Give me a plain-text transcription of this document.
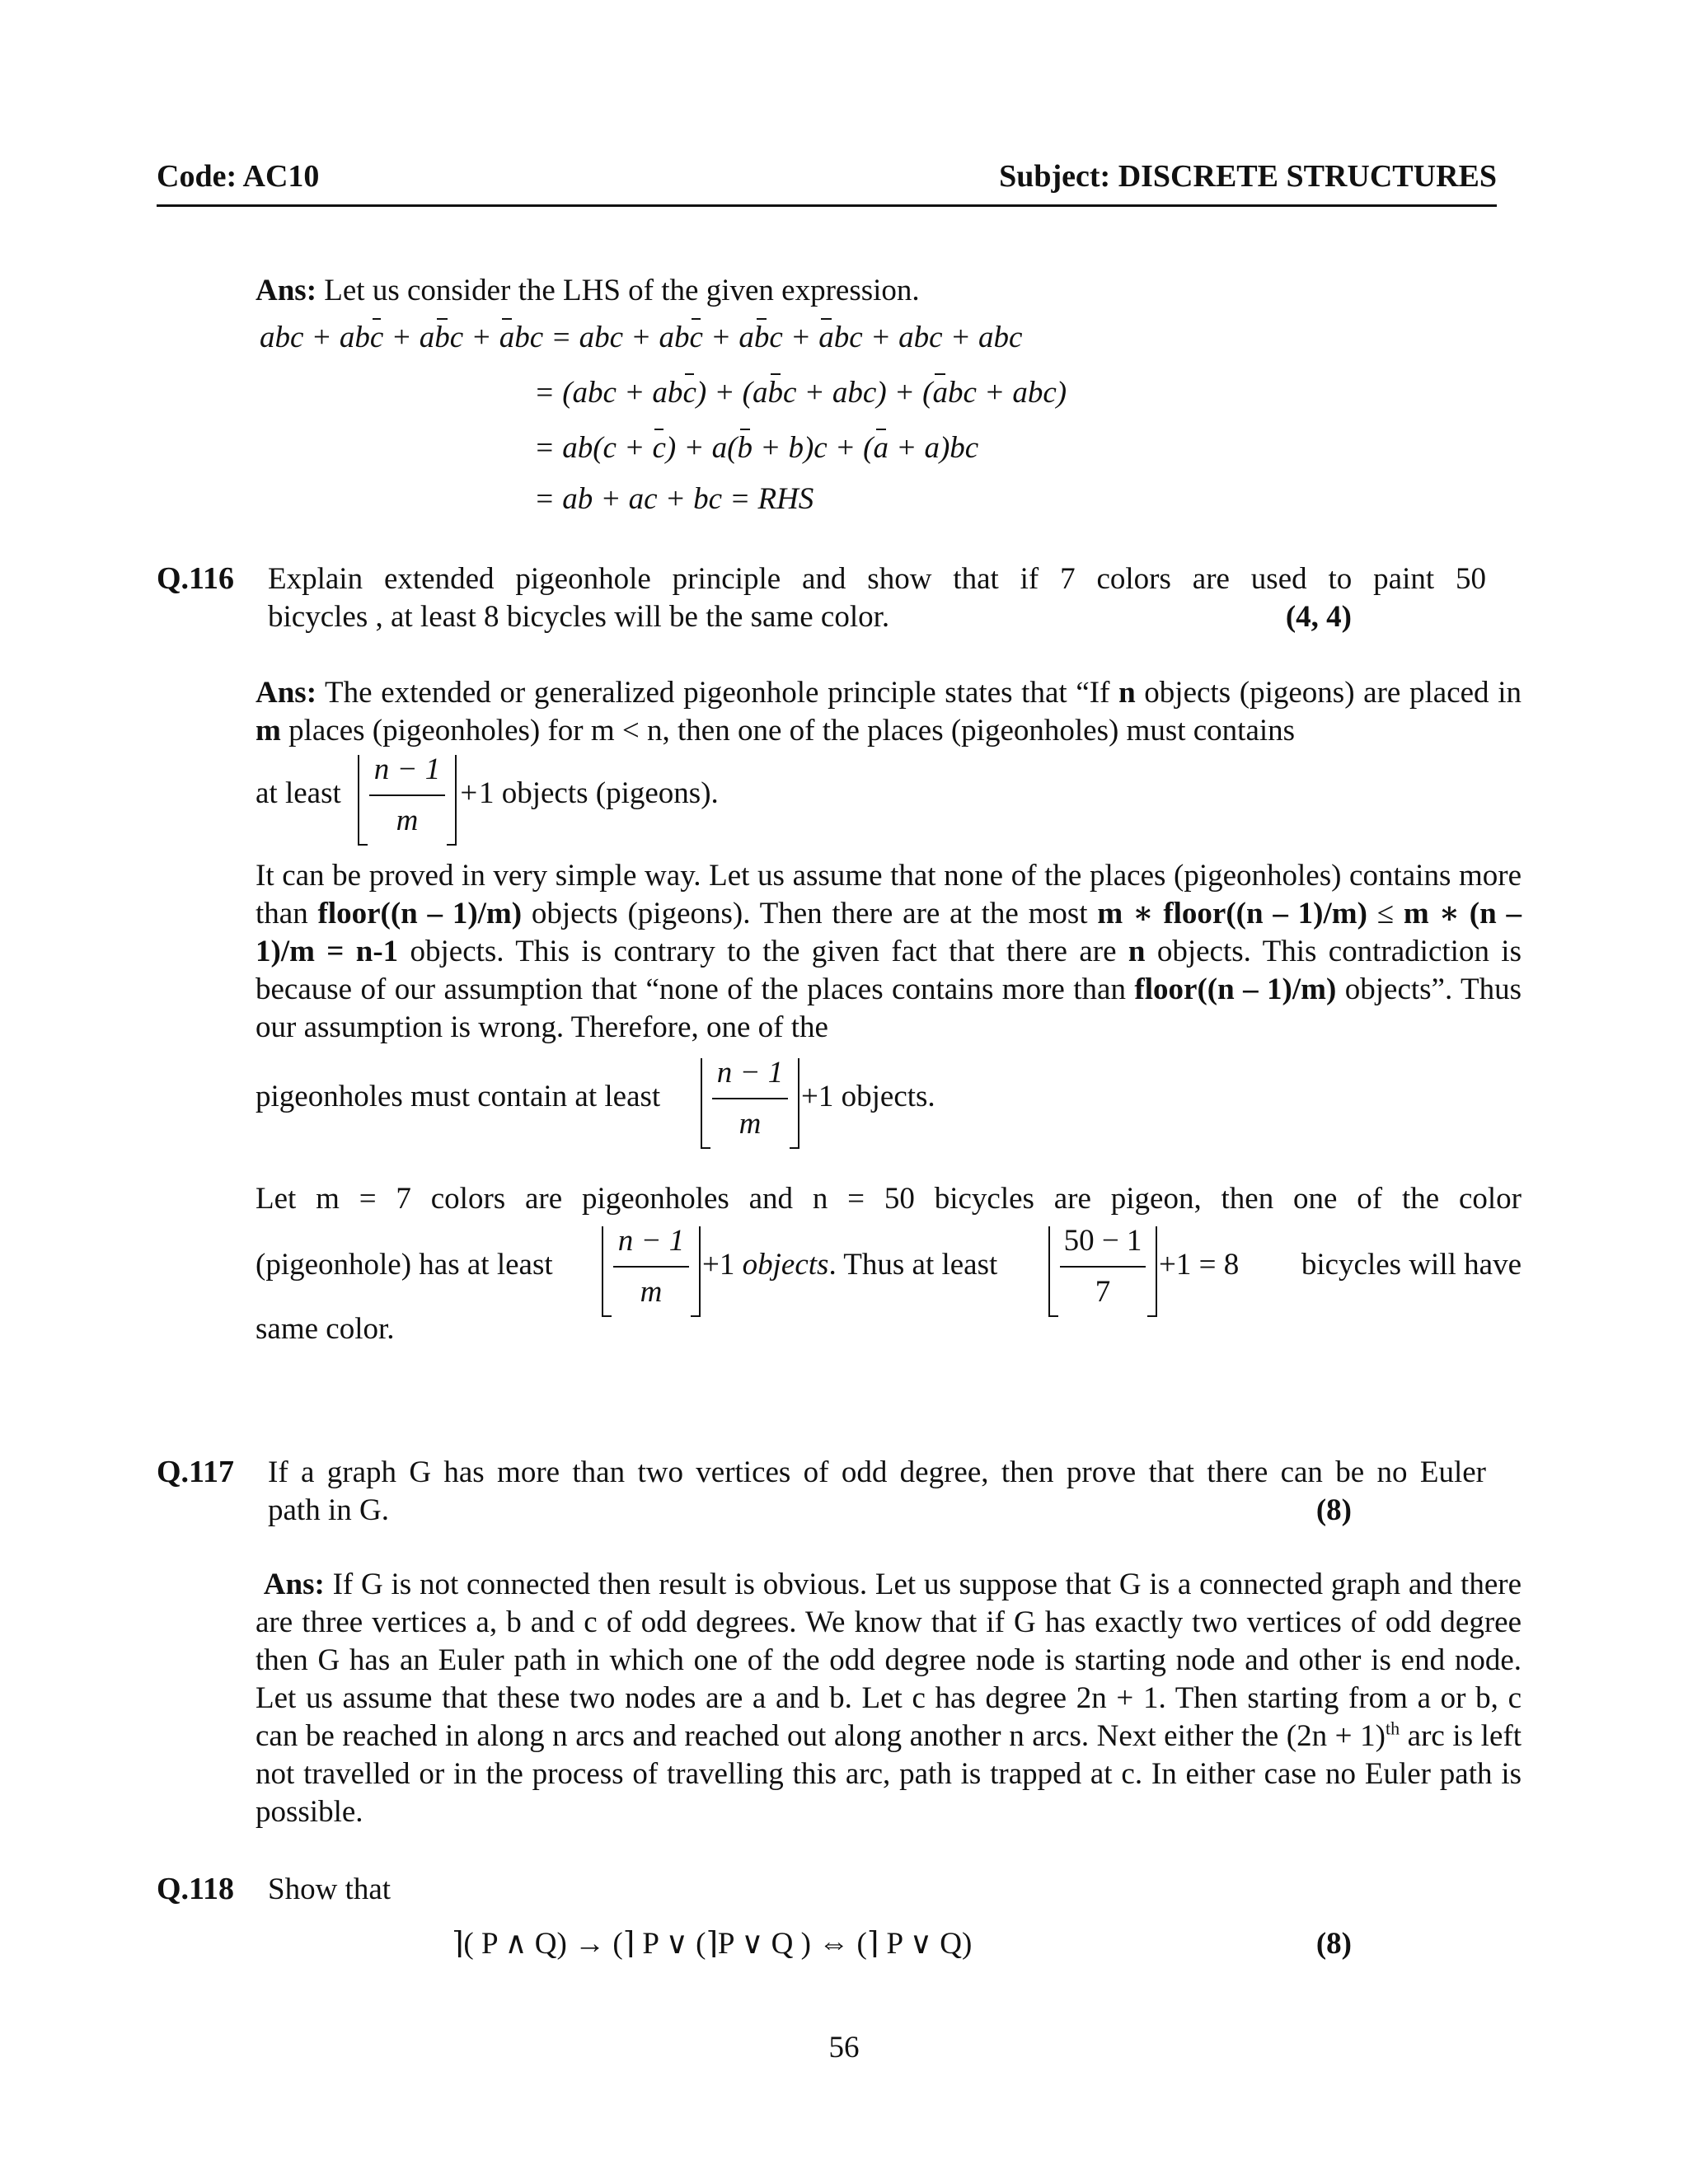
Code: AC10	Subject: DISCRETE STRUCTURES
Ans: Let us consider the LHS of the given expression.
abc + abc + abc + abc = abc + abc + abc + abc + abc + abc
= (abc + abc) + (abc + abc) + (abc + abc)
= ab(c + c) + a(b + b)c + (a + a)bc
= ab + ac + bc = RHS
Q.116 Explain extended pigeonhole principle and show that if 7 colors are used to paint 50
bicycles , at least 8 bicycles will be the same color.	(4, 4)
Ans: The extended or generalized pigeonhole principle states that “If n objects (pigeons) are placed in m places (pigeonholes) for m < n, then one of the places (pigeonholes) must contains
at least
n − 1
m
+1 objects (pigeons).
It can be proved in very simple way. Let us assume that none of the places (pigeonholes) contains more than floor((n – 1)/m) objects (pigeons). Then there are at the most m ∗ floor((n – 1)/m) ≤ m ∗ (n – 1)/m = n-1 objects. This is contrary to the given fact that there are n objects. This contradiction is because of our assumption that “none of the places contains more than floor((n – 1)/m) objects”. Thus our assumption is wrong. Therefore, one of the
pigeonholes must contain at least
n − 1
m
+1 objects.
Let m = 7 colors are pigeonholes and n = 50 bicycles are pigeon, then one of the color
(pigeonhole) has at least
n − 1
m
+1 objects. Thus at least
50 − 1
7
+1 = 8 bicycles will have
same color.
Q.117 If a graph G has more than two vertices of odd degree, then prove that there can be no Euler
path in G.	(8)
Ans: If G is not connected then result is obvious. Let us suppose that G is a connected graph and there are three vertices a, b and c of odd degrees. We know that if G has exactly two vertices of odd degree then G has an Euler path in which one of the odd degree node is starting node and other is end node. Let us assume that these two nodes are a and b. Let c has degree 2n + 1. Then starting from a or b, c can be reached in along n arcs and reached out along another n arcs. Next either the $(2n + 1)^{th}$ arc is left not travelled or in the process of travelling this arc, path is trapped at c. In either case no Euler path is possible.
Q.118 Show that
⌉( P ∧ Q) → (⌉ P ∨ (⌉P ∨ Q ) ⇔ (⌉ P ∨ Q)	(8)
56
